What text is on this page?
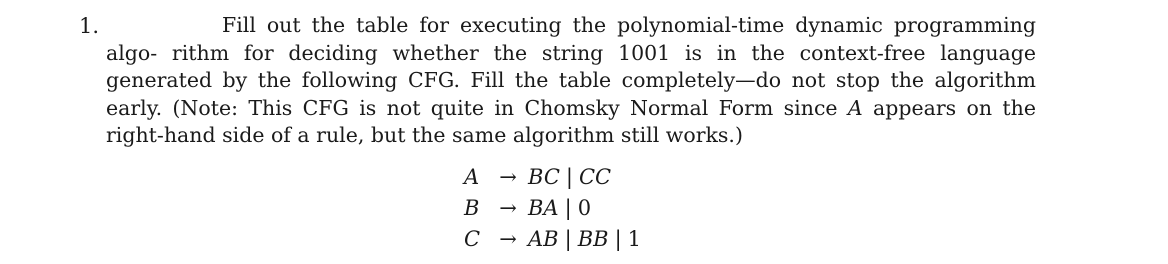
1.	Fill out the table for executing the polynomial-time dynamic programming algo- rithm for deciding whether the string 1001 is in the context-free language generated by the following CFG. Fill the table completely—do not stop the algorithm early. (Note: This CFG is not quite in Chomsky Normal Form since A appears on the right-hand side of a rule, but the same algorithm still works.)
A → BC | CC
B → BA | 0
C → AB | BB | 1
